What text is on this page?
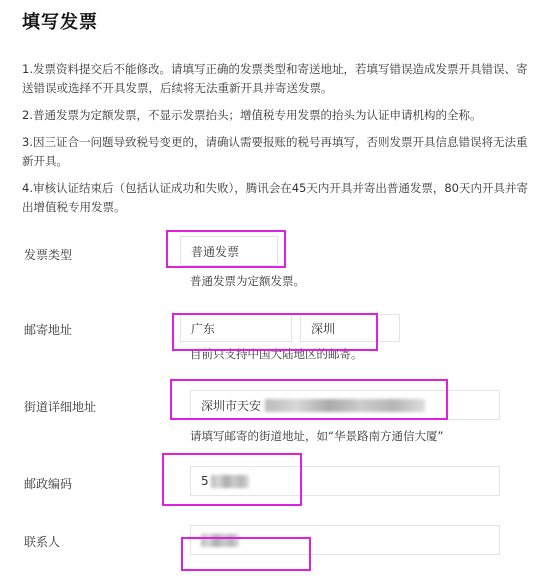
填写发票

1.发票资料提交后不能修改。请填写正确的发票类型和寄送地址，若填写错误造成发票开具错误、寄送错误或选择不开具发票，后续将无法重新开具并寄送发票。

2.普通发票为定额发票，不显示发票抬头；增值税专用发票的抬头为认证申请机构的全称。

3.因三证合一问题导致税号变更的，请确认需要报账的税号再填写，否则发票开具信息错误将无法重新开具。

4.审核认证结束后（包括认证成功和失败），腾讯会在45天内开具并寄出普通发票，80天内开具并寄出增值税专用发票。

发票类型	普通发票
普通发票为定额发票。
邮寄地址	广东	深圳
目前只支持中国大陆地区的邮寄。
街道详细地址	深圳市天安
请填写邮寄的街道地址，如“华景路南方通信大厦”
邮政编码	5
联系人
